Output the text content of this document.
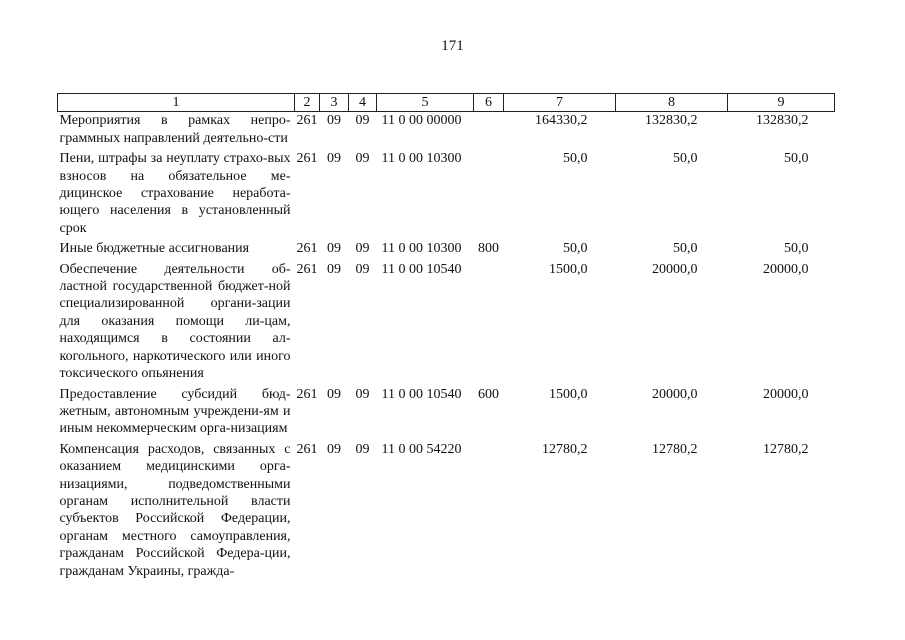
171
1	2	3	4	5	6	7	8	9
Мероприятия в рамках непро-граммных направлений деятельно-сти	261	09	09	11 0 00 00000		164330,2	132830,2	132830,2
Пени, штрафы за неуплату страхо-вых взносов на обязательное ме-дицинское страхование неработа-ющего населения в установленный срок	261	09	09	11 0 00 10300		50,0	50,0	50,0
Иные бюджетные ассигнования	261	09	09	11 0 00 10300	800	50,0	50,0	50,0
Обеспечение деятельности об-ластной государственной бюджет-ной специализированной органи-зации для оказания помощи ли-цам, находящимся в состоянии ал-когольного, наркотического или иного токсического опьянения	261	09	09	11 0 00 10540		1500,0	20000,0	20000,0
Предоставление субсидий бюд-жетным, автономным учреждени-ям и иным некоммерческим орга-низациям	261	09	09	11 0 00 10540	600	1500,0	20000,0	20000,0
Компенсация расходов, связанных с оказанием медицинскими орга-низациями, подведомственными органам исполнительной власти субъектов Российской Федерации, органам местного самоуправления, гражданам Российской Федера-ции, гражданам Украины, гражда-	261	09	09	11 0 00 54220		12780,2	12780,2	12780,2
